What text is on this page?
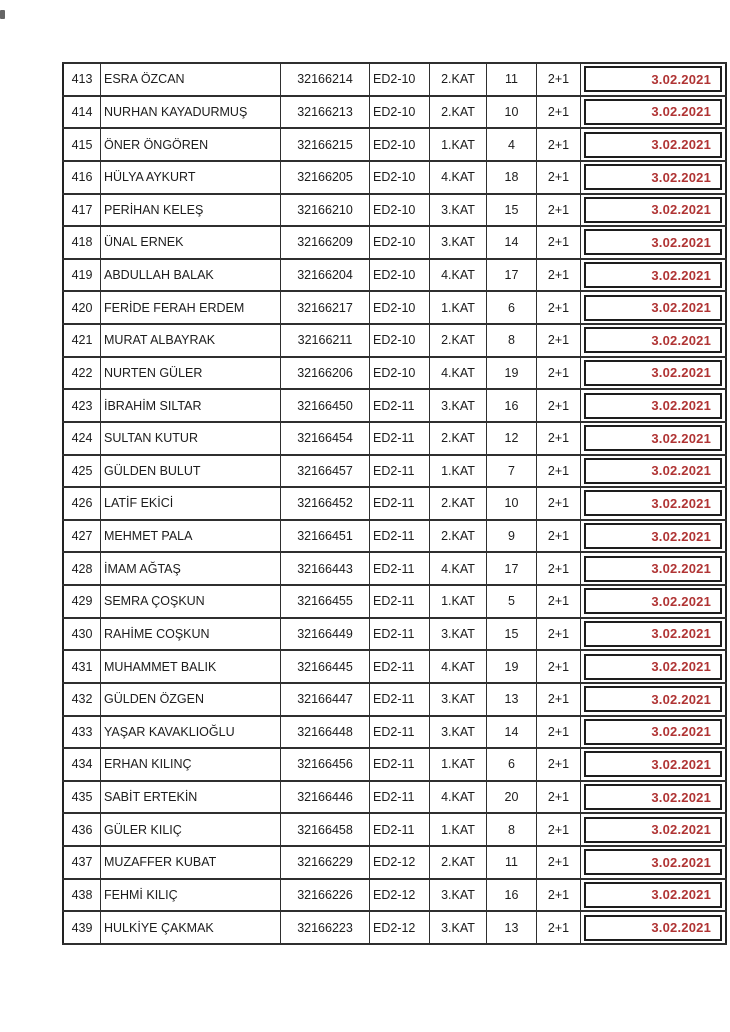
413	ESRA ÖZCAN	32166214	ED2-10	2.KAT	11	2+1	3.02.2021

414	NURHAN KAYADURMUŞ	32166213	ED2-10	2.KAT	10	2+1	3.02.2021

415	ÖNER ÖNGÖREN	32166215	ED2-10	1.KAT	4	2+1	3.02.2021

416	HÜLYA AYKURT	32166205	ED2-10	4.KAT	18	2+1	3.02.2021

417	PERİHAN KELEŞ	32166210	ED2-10	3.KAT	15	2+1	3.02.2021

418	ÜNAL ERNEK	32166209	ED2-10	3.KAT	14	2+1	3.02.2021

419	ABDULLAH BALAK	32166204	ED2-10	4.KAT	17	2+1	3.02.2021

420	FERİDE FERAH ERDEM	32166217	ED2-10	1.KAT	6	2+1	3.02.2021

421	MURAT ALBAYRAK	32166211	ED2-10	2.KAT	8	2+1	3.02.2021

422	NURTEN GÜLER	32166206	ED2-10	4.KAT	19	2+1	3.02.2021

423	İBRAHİM SILTAR	32166450	ED2-11	3.KAT	16	2+1	3.02.2021

424	SULTAN KUTUR	32166454	ED2-11	2.KAT	12	2+1	3.02.2021

425	GÜLDEN BULUT	32166457	ED2-11	1.KAT	7	2+1	3.02.2021

426	LATİF EKİCİ	32166452	ED2-11	2.KAT	10	2+1	3.02.2021

427	MEHMET PALA	32166451	ED2-11	2.KAT	9	2+1	3.02.2021

428	İMAM AĞTAŞ	32166443	ED2-11	4.KAT	17	2+1	3.02.2021

429	SEMRA ÇOŞKUN	32166455	ED2-11	1.KAT	5	2+1	3.02.2021

430	RAHİME COŞKUN	32166449	ED2-11	3.KAT	15	2+1	3.02.2021

431	MUHAMMET BALIK	32166445	ED2-11	4.KAT	19	2+1	3.02.2021

432	GÜLDEN ÖZGEN	32166447	ED2-11	3.KAT	13	2+1	3.02.2021

433	YAŞAR KAVAKLIOĞLU	32166448	ED2-11	3.KAT	14	2+1	3.02.2021

434	ERHAN KILINÇ	32166456	ED2-11	1.KAT	6	2+1	3.02.2021

435	SABİT ERTEKİN	32166446	ED2-11	4.KAT	20	2+1	3.02.2021

436	GÜLER KILIÇ	32166458	ED2-11	1.KAT	8	2+1	3.02.2021

437	MUZAFFER KUBAT	32166229	ED2-12	2.KAT	11	2+1	3.02.2021

438	FEHMİ KILIÇ	32166226	ED2-12	3.KAT	16	2+1	3.02.2021

439	HULKİYE ÇAKMAK	32166223	ED2-12	3.KAT	13	2+1	3.02.2021
